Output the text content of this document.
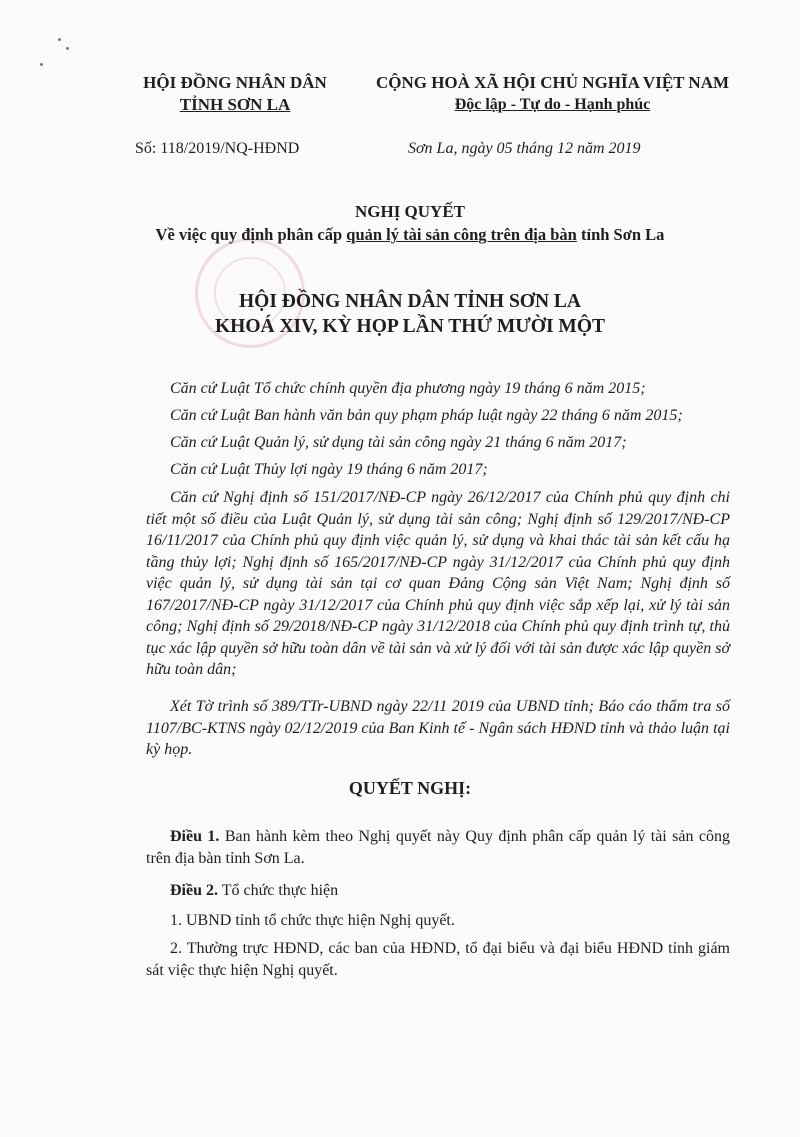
HỘI ĐỒNG NHÂN DÂN
TỈNH SƠN LA
CỘNG HOÀ XÃ HỘI CHỦ NGHĨA VIỆT NAM
Độc lập - Tự do - Hạnh phúc
Số: 118/2019/NQ-HĐND	Sơn La, ngày 05 tháng 12 năm 2019
NGHỊ QUYẾT
Về việc quy định phân cấp quản lý tài sản công trên địa bàn tỉnh Sơn La
HỘI ĐỒNG NHÂN DÂN TỈNH SƠN LA
KHOÁ XIV, KỲ HỌP LẦN THỨ MƯỜI MỘT
Căn cứ Luật Tổ chức chính quyền địa phương ngày 19 tháng 6 năm 2015;
Căn cứ Luật Ban hành văn bản quy phạm pháp luật ngày 22 tháng 6 năm 2015;
Căn cứ Luật Quản lý, sử dụng tài sản công ngày 21 tháng 6 năm 2017;
Căn cứ Luật Thủy lợi ngày 19 tháng 6 năm 2017;
Căn cứ Nghị định số 151/2017/NĐ-CP ngày 26/12/2017 của Chính phủ quy định chi tiết một số điều của Luật Quản lý, sử dụng tài sản công; Nghị định số 129/2017/NĐ-CP 16/11/2017 của Chính phủ quy định việc quản lý, sử dụng và khai thác tài sản kết cấu hạ tầng thủy lợi; Nghị định số 165/2017/NĐ-CP ngày 31/12/2017 của Chính phủ quy định việc quản lý, sử dụng tài sản tại cơ quan Đảng Cộng sản Việt Nam; Nghị định số 167/2017/NĐ-CP ngày 31/12/2017 của Chính phủ quy định việc sắp xếp lại, xử lý tài sản công; Nghị định số 29/2018/NĐ-CP ngày 31/12/2018 của Chính phủ quy định trình tự, thủ tục xác lập quyền sở hữu toàn dân về tài sản và xử lý đối với tài sản được xác lập quyền sở hữu toàn dân;
Xét Tờ trình số 389/TTr-UBND ngày 22/11 2019 của UBND tỉnh; Báo cáo thẩm tra số 1107/BC-KTNS ngày 02/12/2019 của Ban Kinh tế - Ngân sách HĐND tỉnh và thảo luận tại kỳ họp.
QUYẾT NGHỊ:
Điều 1. Ban hành kèm theo Nghị quyết này Quy định phân cấp quản lý tài sản công trên địa bàn tỉnh Sơn La.
Điều 2. Tổ chức thực hiện
1. UBND tỉnh tổ chức thực hiện Nghị quyết.
2. Thường trực HĐND, các ban của HĐND, tổ đại biểu và đại biểu HĐND tỉnh giám sát việc thực hiện Nghị quyết.
